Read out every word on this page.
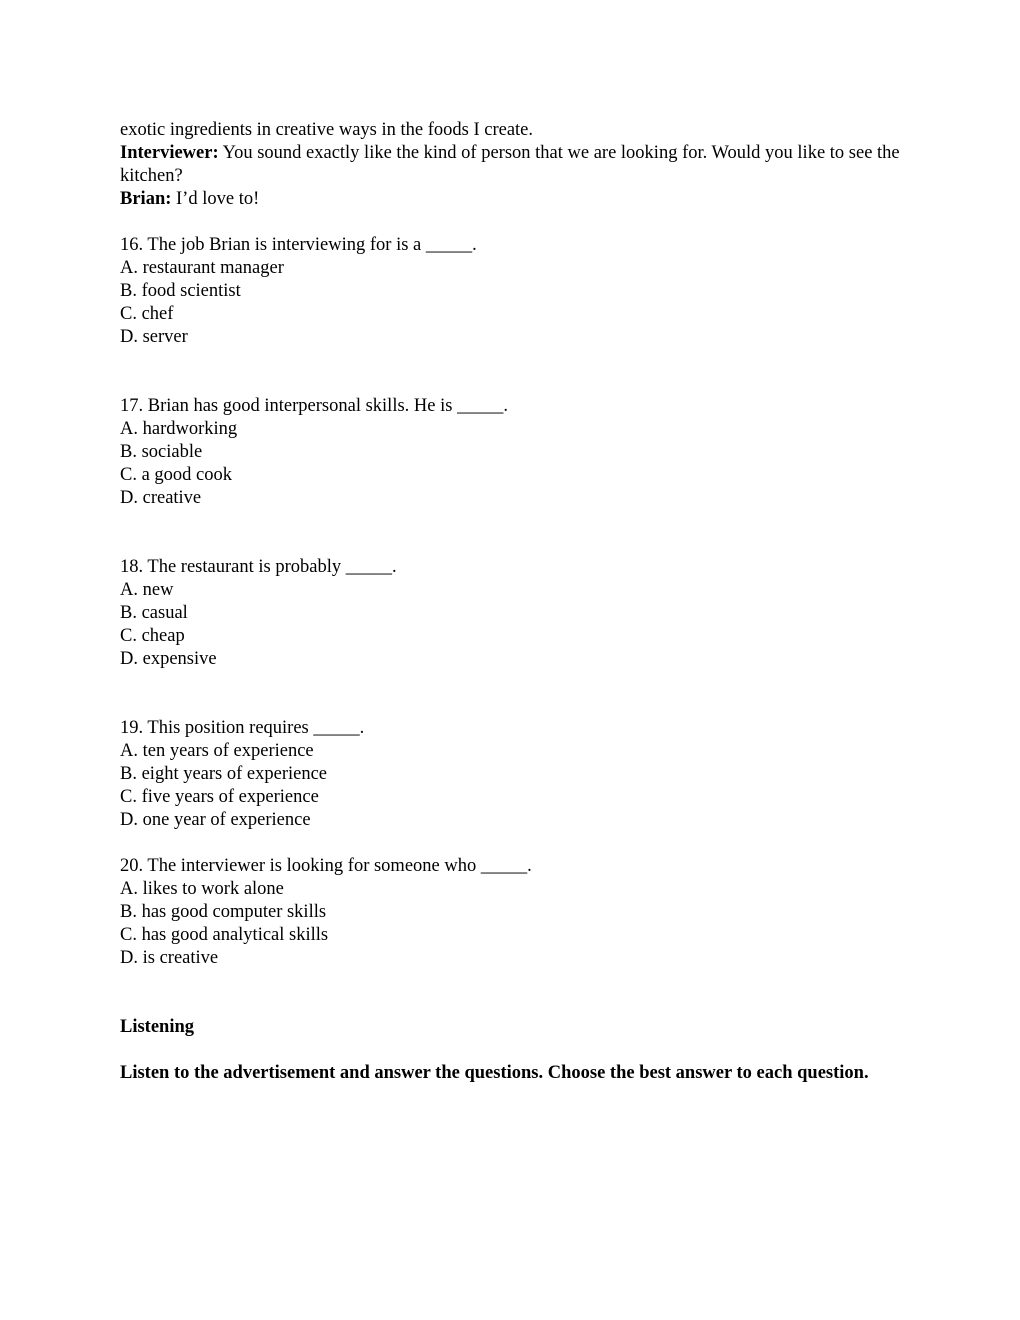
exotic ingredients in creative ways in the foods I create.
Interviewer: You sound exactly like the kind of person that we are looking for. Would you like to see the kitchen?
Brian: I’d love to!
16. The job Brian is interviewing for is a _____.
A. restaurant manager
B. food scientist
C. chef
D. server
17. Brian has good interpersonal skills. He is _____.
A. hardworking
B. sociable
C. a good cook
D. creative
18. The restaurant is probably _____.
A. new
B. casual
C. cheap
D. expensive
19. This position requires _____.
A. ten years of experience
B. eight years of experience
C. five years of experience
D. one year of experience
20. The interviewer is looking for someone who _____.
A. likes to work alone
B. has good computer skills
C. has good analytical skills
D. is creative
Listening
Listen to the advertisement and answer the questions. Choose the best answer to each question.
